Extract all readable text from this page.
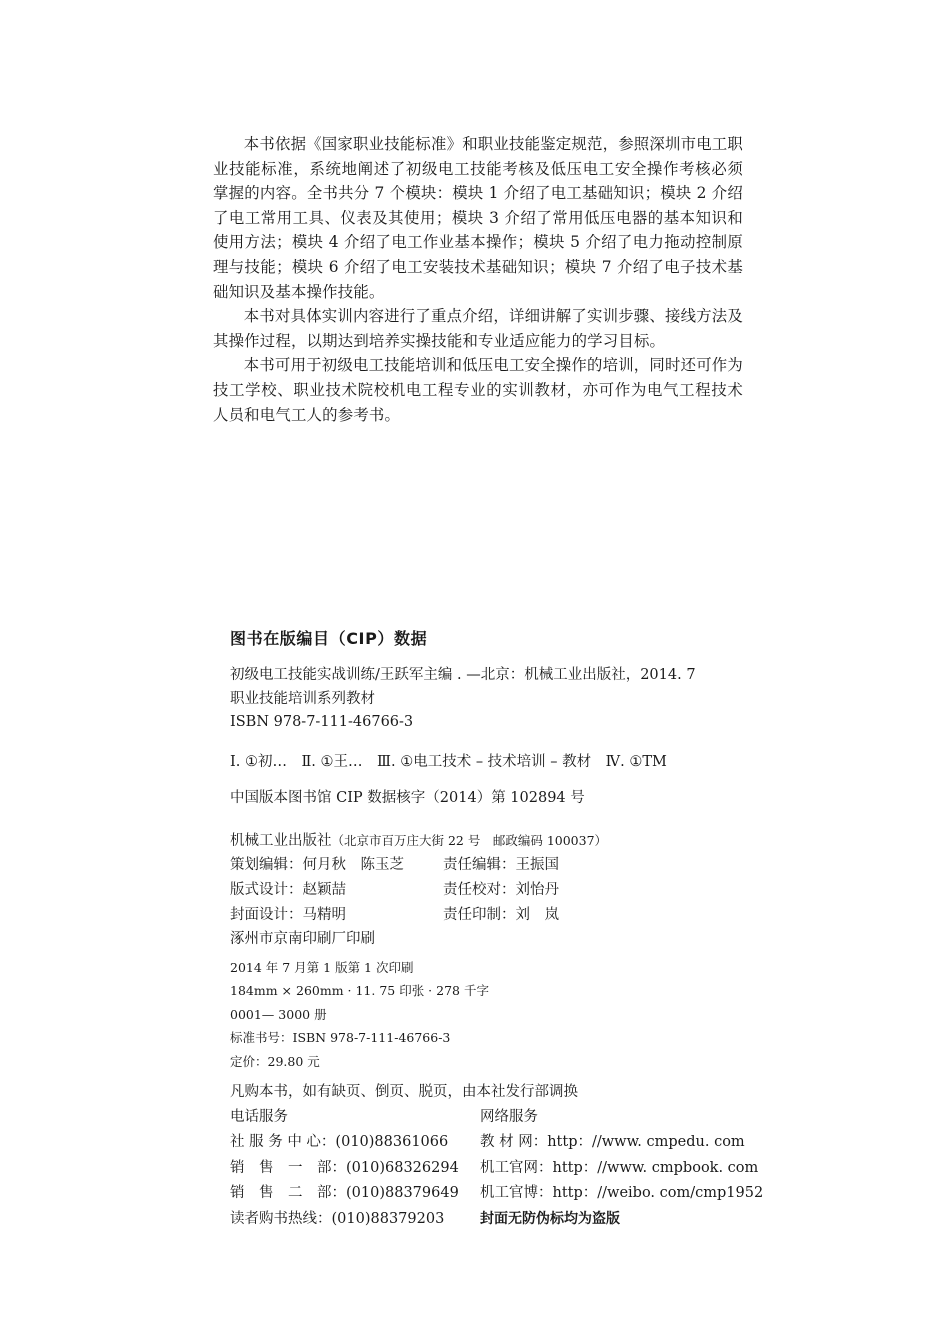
本书依据《国家职业技能标准》和职业技能鉴定规范，参照深圳市电工职业技能标准，系统地阐述了初级电工技能考核及低压电工安全操作考核必须掌握的内容。全书共分 7 个模块：模块 1 介绍了电工基础知识；模块 2 介绍了电工常用工具、仪表及其使用；模块 3 介绍了常用低压电器的基本知识和使用方法；模块 4 介绍了电工作业基本操作；模块 5 介绍了电力拖动控制原理与技能；模块 6 介绍了电工安装技术基础知识；模块 7 介绍了电子技术基础知识及基本操作技能。

本书对具体实训内容进行了重点介绍，详细讲解了实训步骤、接线方法及其操作过程，以期达到培养实操技能和专业适应能力的学习目标。

本书可用于初级电工技能培训和低压电工安全操作的培训，同时还可作为技工学校、职业技术院校机电工程专业的实训教材，亦可作为电气工程技术人员和电气工人的参考书。

图书在版编目（CIP）数据
初级电工技能实战训练/王跃军主编 . —北京：机械工业出版社，2014. 7
职业技能培训系列教材
ISBN 978-7-111-46766-3
Ⅰ. ①初…　Ⅱ. ①王…　Ⅲ. ①电工技术 – 技术培训 – 教材　Ⅳ. ①TM
中国版本图书馆 CIP 数据核字（2014）第 102894 号
机械工业出版社（北京市百万庄大街 22 号　邮政编码 100037）
策划编辑：何月秋　陈玉芝	责任编辑：王振国
版式设计：赵颖喆	责任校对：刘怡丹
封面设计：马精明	责任印制：刘　岚
涿州市京南印刷厂印刷
2014 年 7 月第 1 版第 1 次印刷
184mm × 260mm · 11. 75 印张 · 278 千字
0001— 3000 册
标准书号：ISBN 978-7-111-46766-3
定价：29.80 元
凡购本书，如有缺页、倒页、脱页，由本社发行部调换
电话服务	网络服务
社 服 务 中 心：(010)88361066	教 材 网：http：//www. cmpedu. com
销　售　一　部：(010)68326294	机工官网：http：//www. cmpbook. com
销　售　二　部：(010)88379649	机工官博：http：//weibo. com/cmp1952
读者购书热线：(010)88379203	封面无防伪标均为盗版
